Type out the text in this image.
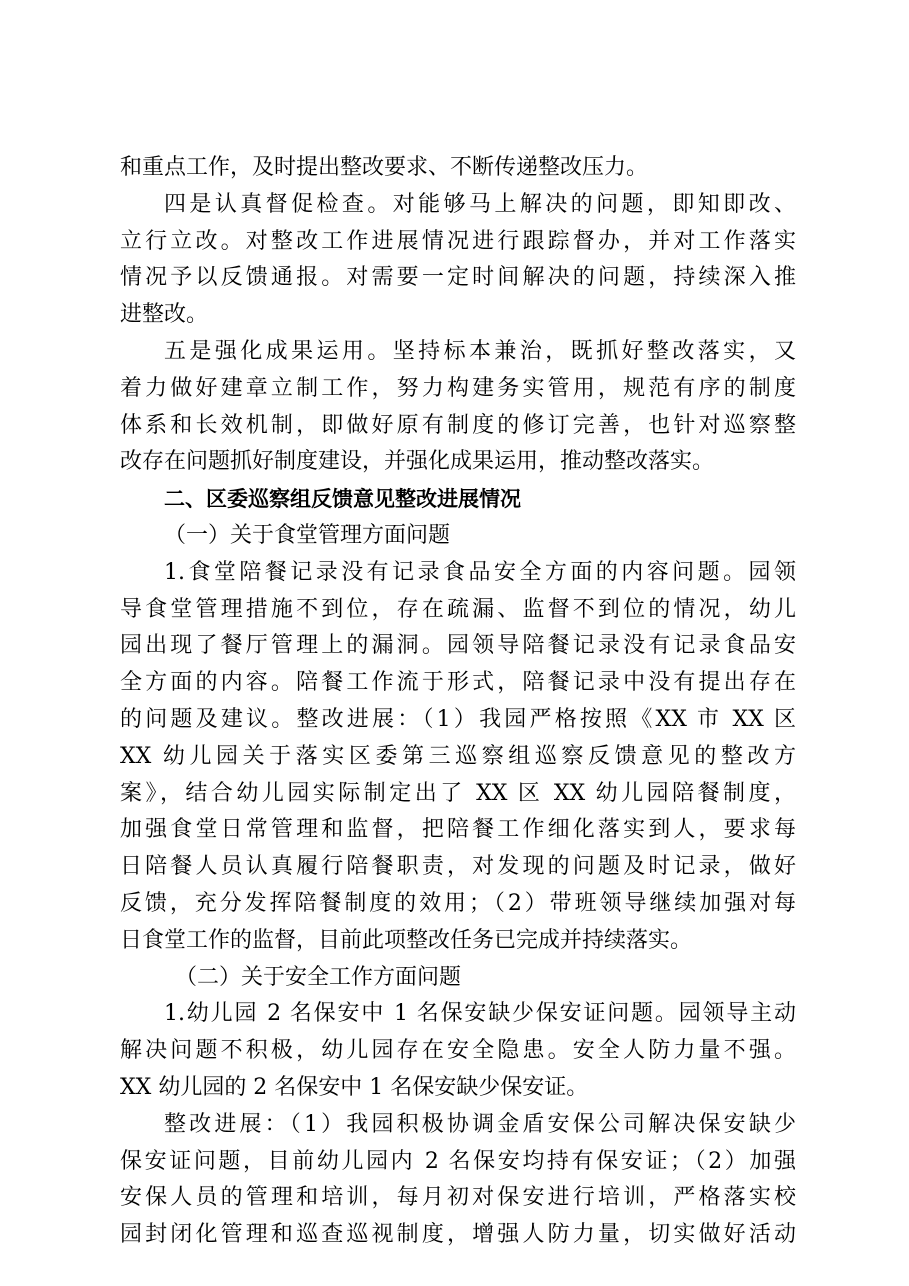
和重点工作，及时提出整改要求、不断传递整改压力。
四是认真督促检查。对能够马上解决的问题，即知即改、
立行立改。对整改工作进展情况进行跟踪督办，并对工作落实
情况予以反馈通报。对需要一定时间解决的问题，持续深入推
进整改。
五是强化成果运用。坚持标本兼治，既抓好整改落实，又
着力做好建章立制工作，努力构建务实管用，规范有序的制度
体系和长效机制，即做好原有制度的修订完善，也针对巡察整
改存在问题抓好制度建设，并强化成果运用，推动整改落实。
二、区委巡察组反馈意见整改进展情况
（一）关于食堂管理方面问题
1.食堂陪餐记录没有记录食品安全方面的内容问题。园领
导食堂管理措施不到位，存在疏漏、监督不到位的情况，幼儿
园出现了餐厅管理上的漏洞。园领导陪餐记录没有记录食品安
全方面的内容。陪餐工作流于形式，陪餐记录中没有提出存在
的问题及建议。整改进展：（1）我园严格按照《XX 市 XX 区
XX 幼儿园关于落实区委第三巡察组巡察反馈意见的整改方
案》，结合幼儿园实际制定出了 XX 区 XX 幼儿园陪餐制度，
加强食堂日常管理和监督，把陪餐工作细化落实到人，要求每
日陪餐人员认真履行陪餐职责，对发现的问题及时记录，做好
反馈，充分发挥陪餐制度的效用；（2）带班领导继续加强对每
日食堂工作的监督，目前此项整改任务已完成并持续落实。
（二）关于安全工作方面问题
1.幼儿园 2 名保安中 1 名保安缺少保安证问题。园领导主动
解决问题不积极，幼儿园存在安全隐患。安全人防力量不强。
XX 幼儿园的 2 名保安中 1 名保安缺少保安证。
整改进展：（1）我园积极协调金盾安保公司解决保安缺少
保安证问题，目前幼儿园内 2 名保安均持有保安证；（2）加强
安保人员的管理和培训，每月初对保安进行培训，严格落实校
园封闭化管理和巡查巡视制度，增强人防力量，切实做好活动
